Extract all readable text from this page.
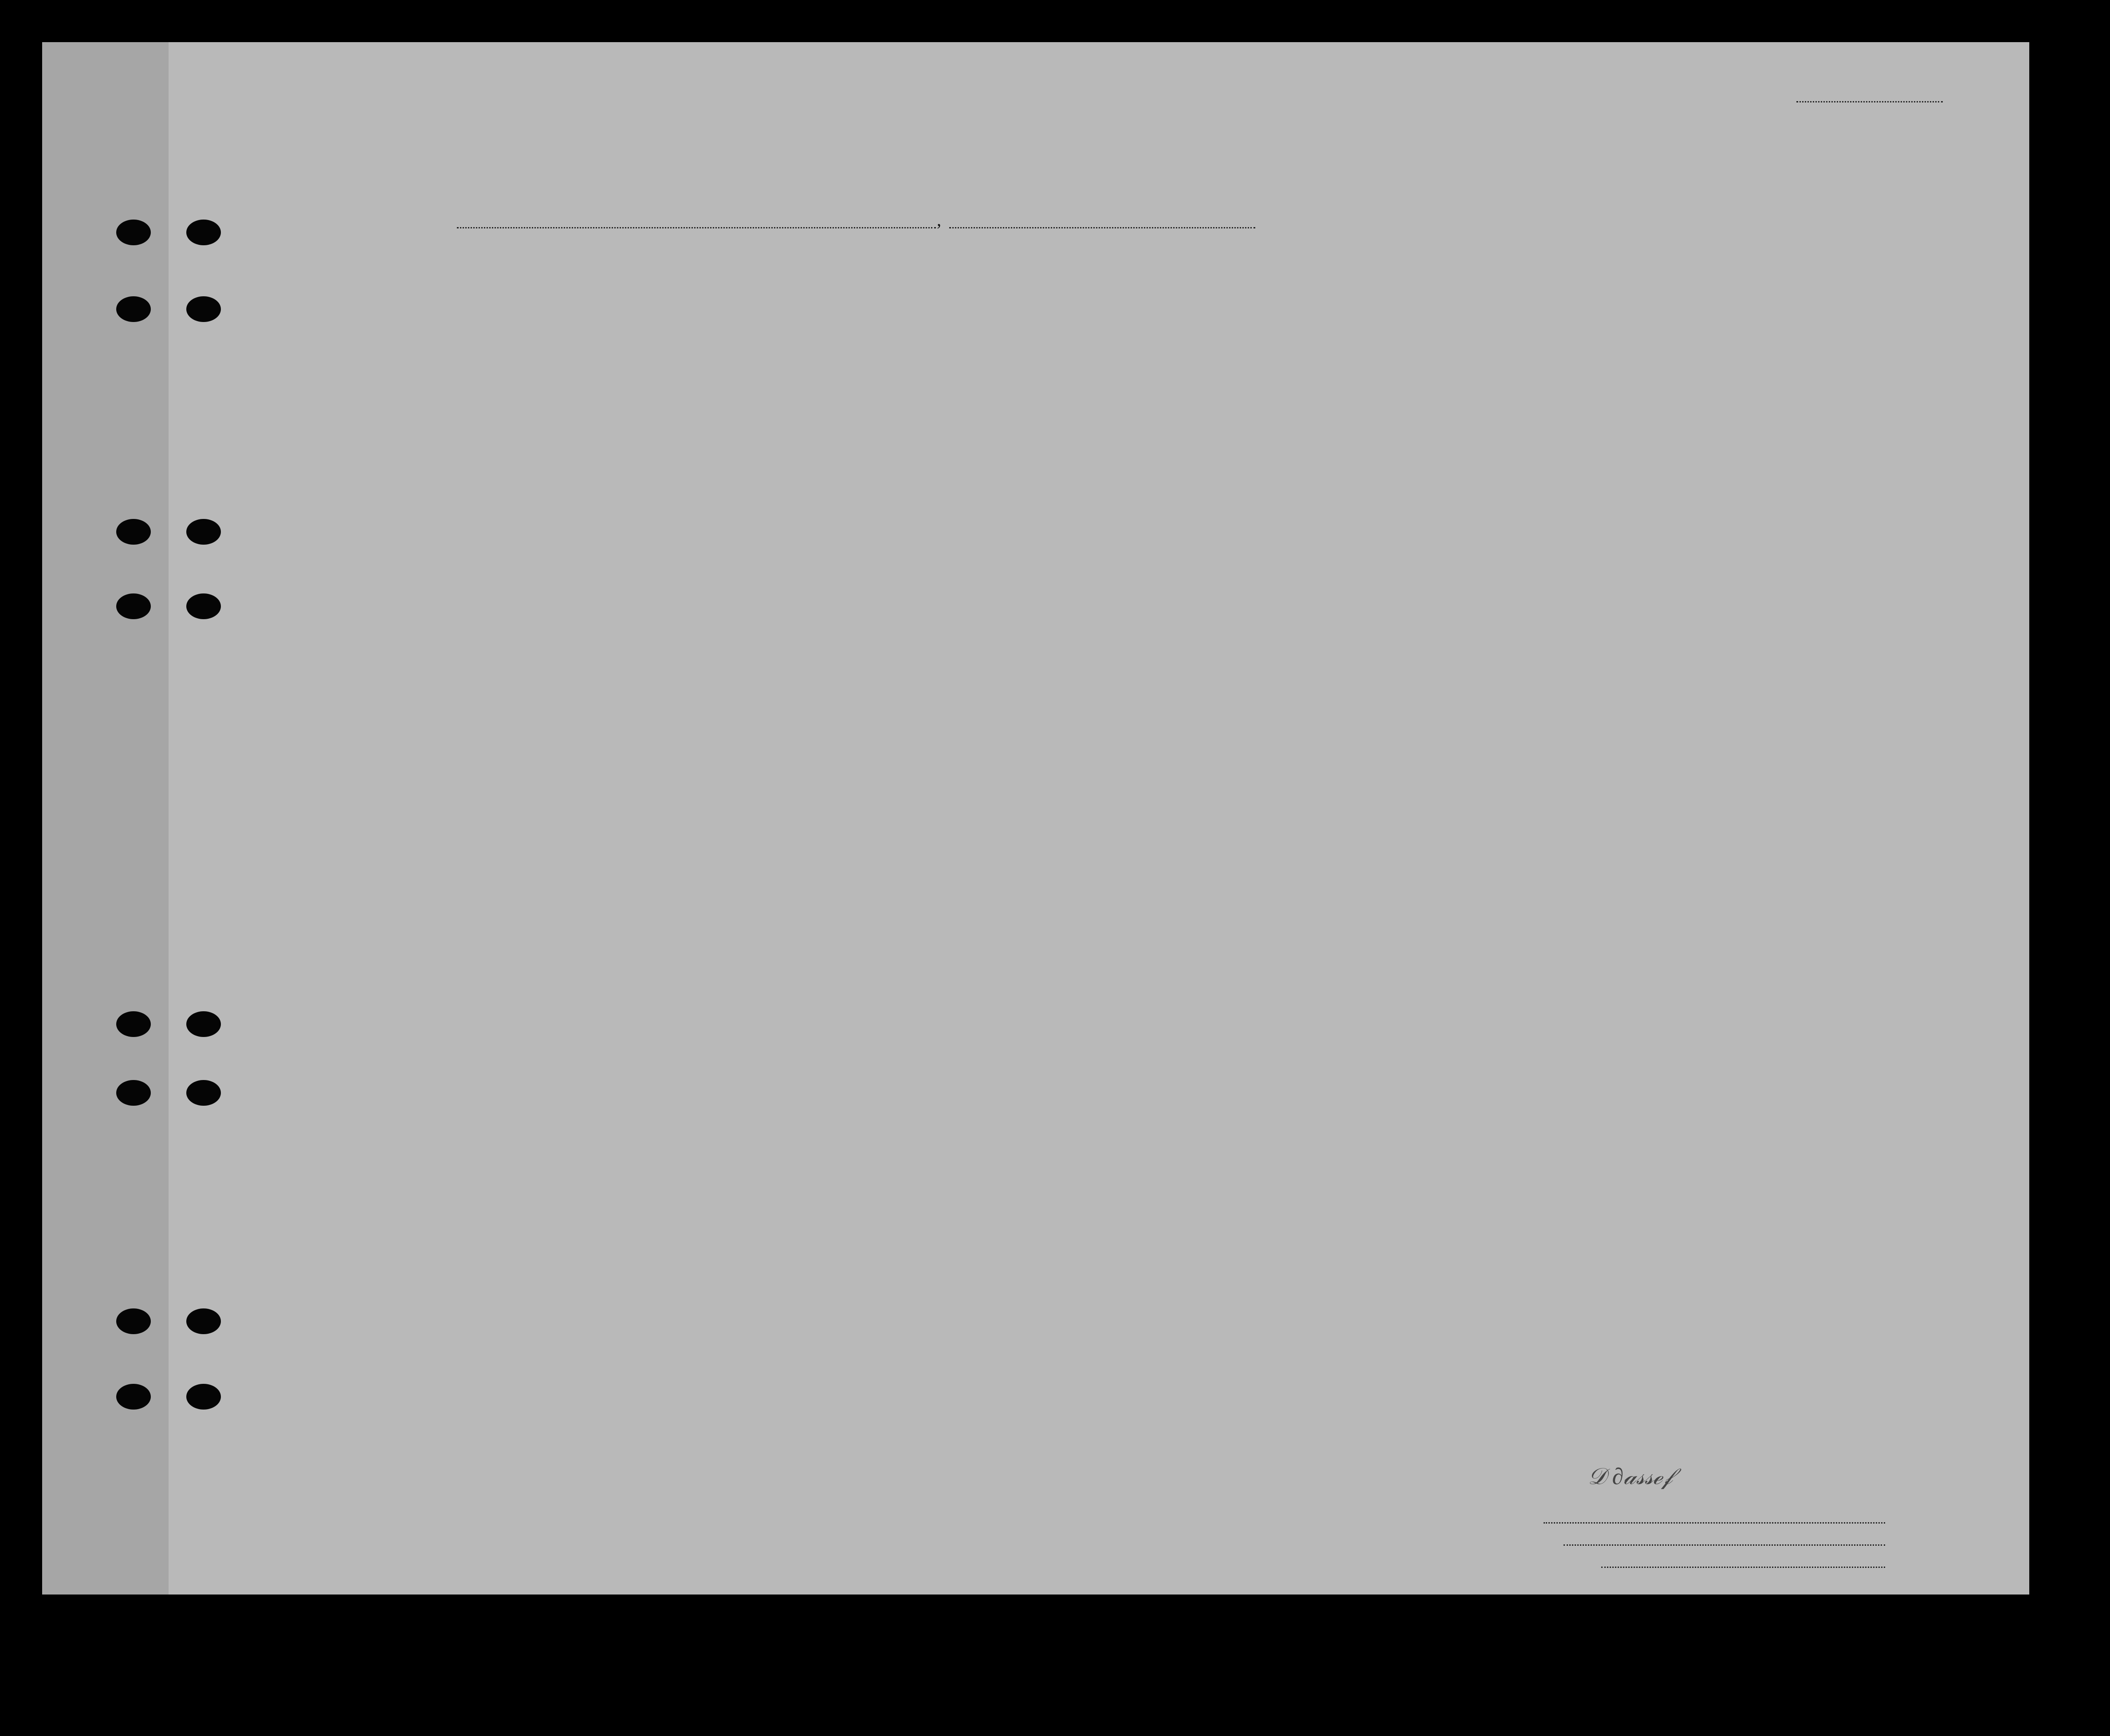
,
𝒟 ∂𝒶𝓈𝓈ℯ𝒻
